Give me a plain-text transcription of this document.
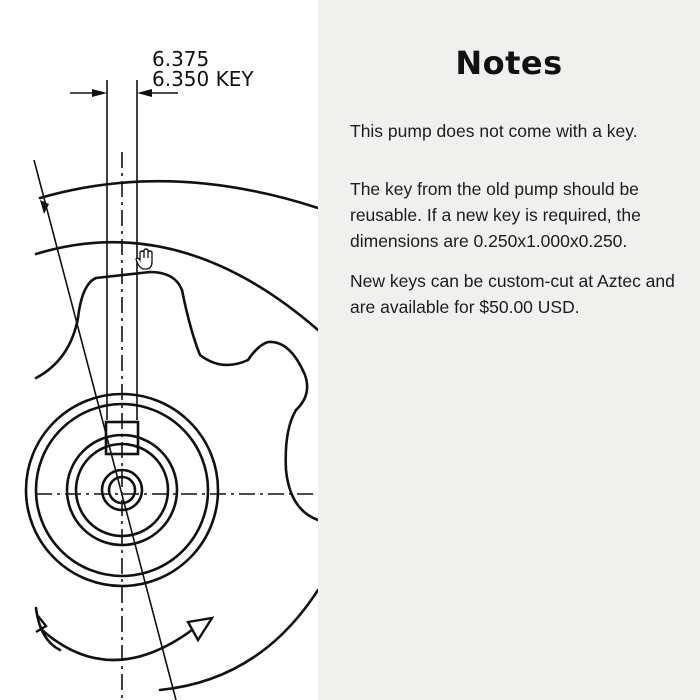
6.375
6.350 KEY	Notes

This pump does not come with a key.

The key from the old pump should be reusable. If a new key is required, the dimensions are 0.250x1.000x0.250.

New keys can be custom-cut at Aztec and are available for $50.00 USD.
